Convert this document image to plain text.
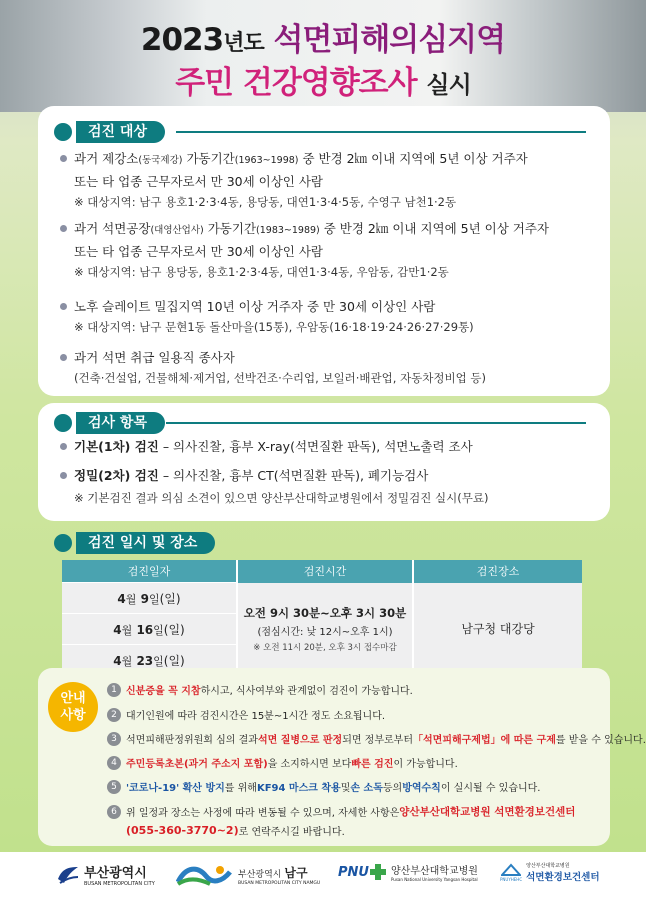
2023년도 석면피해의심지역
주민 건강영향조사 실시
검진 대상
과거 제강소(동국제강) 가동기간(1963~1998) 중 반경 2㎞ 이내 지역에 5년 이상 거주자
또는 타 업종 근무자로서 만 30세 이상인 사람
※ 대상지역: 남구 용호1·2·3·4동, 용당동, 대연1·3·4·5동, 수영구 남천1·2동
과거 석면공장(대영산업사) 가동기간(1983~1989) 중 반경 2㎞ 이내 지역에 5년 이상 거주자
또는 타 업종 근무자로서 만 30세 이상인 사람
※ 대상지역: 남구 용당동, 용호1·2·3·4동, 대연1·3·4동, 우암동, 감만1·2동
노후 슬레이트 밀집지역 10년 이상 거주자 중 만 30세 이상인 사람
※ 대상지역: 남구 문현1동 돌산마을(15통), 우암동(16·18·19·24·26·27·29통)
과거 석면 취급 일용직 종사자
(건축·건설업, 건물해체·제거업, 선박건조·수리업, 보일러·배관업, 자동차정비업 등)
검사 항목
기본(1차) 검진 – 의사진찰, 흉부 X-ray(석면질환 판독), 석면노출력 조사
정밀(2차) 검진 – 의사진찰, 흉부 CT(석면질환 판독), 폐기능검사
※ 기본검진 결과 의심 소견이 있으면 양산부산대학교병원에서 정밀검진 실시(무료)
검진 일시 및 장소
검진일자	검진시간	검진장소
4월 9일(일)	오전 9시 30분~오후 3시 30분
(점심시간: 낮 12시~오후 1시)
※ 오전 11시 20분, 오후 3시 접수마감	남구청 대강당
4월 16일(일)		
4월 23일(일)		
안내
사항
1 신분증을 꼭 지참 하시고, 식사여부와 관계없이 검진이 가능합니다.
2 대기인원에 따라 검진시간은 15분~1시간 정도 소요됩니다.
3 석면피해판정위원회 심의 결과 석면 질병으로 판정 되면 정부로부터 「석면피해구제법」에 따른 구제 를 받을 수 있습니다.
4 주민등록초본(과거 주소지 포함) 을 소지하시면 보다 빠른 검진 이 가능합니다.
5 '코로나-19' 확산 방지 를 위해 KF94 마스크 착용 및 손 소독 등의 방역수칙 이 실시될 수 있습니다.
6 위 일정과 장소는 사정에 따라 변동될 수 있으며, 자세한 사항은 양산부산대학교병원 석면환경보건센터
(055-360-3770~2) 로 연락주시길 바랍니다.
부산광역시
BUSAN METROPOLITAN CITY
부산광역시 남구
BUSAN METROPOLITAN CITY NAMGU
PNU 양산부산대학교병원
Pusan National University Yangsan Hospital	PNUYHEHC
양산부산대학교병원
석면환경보건센터
